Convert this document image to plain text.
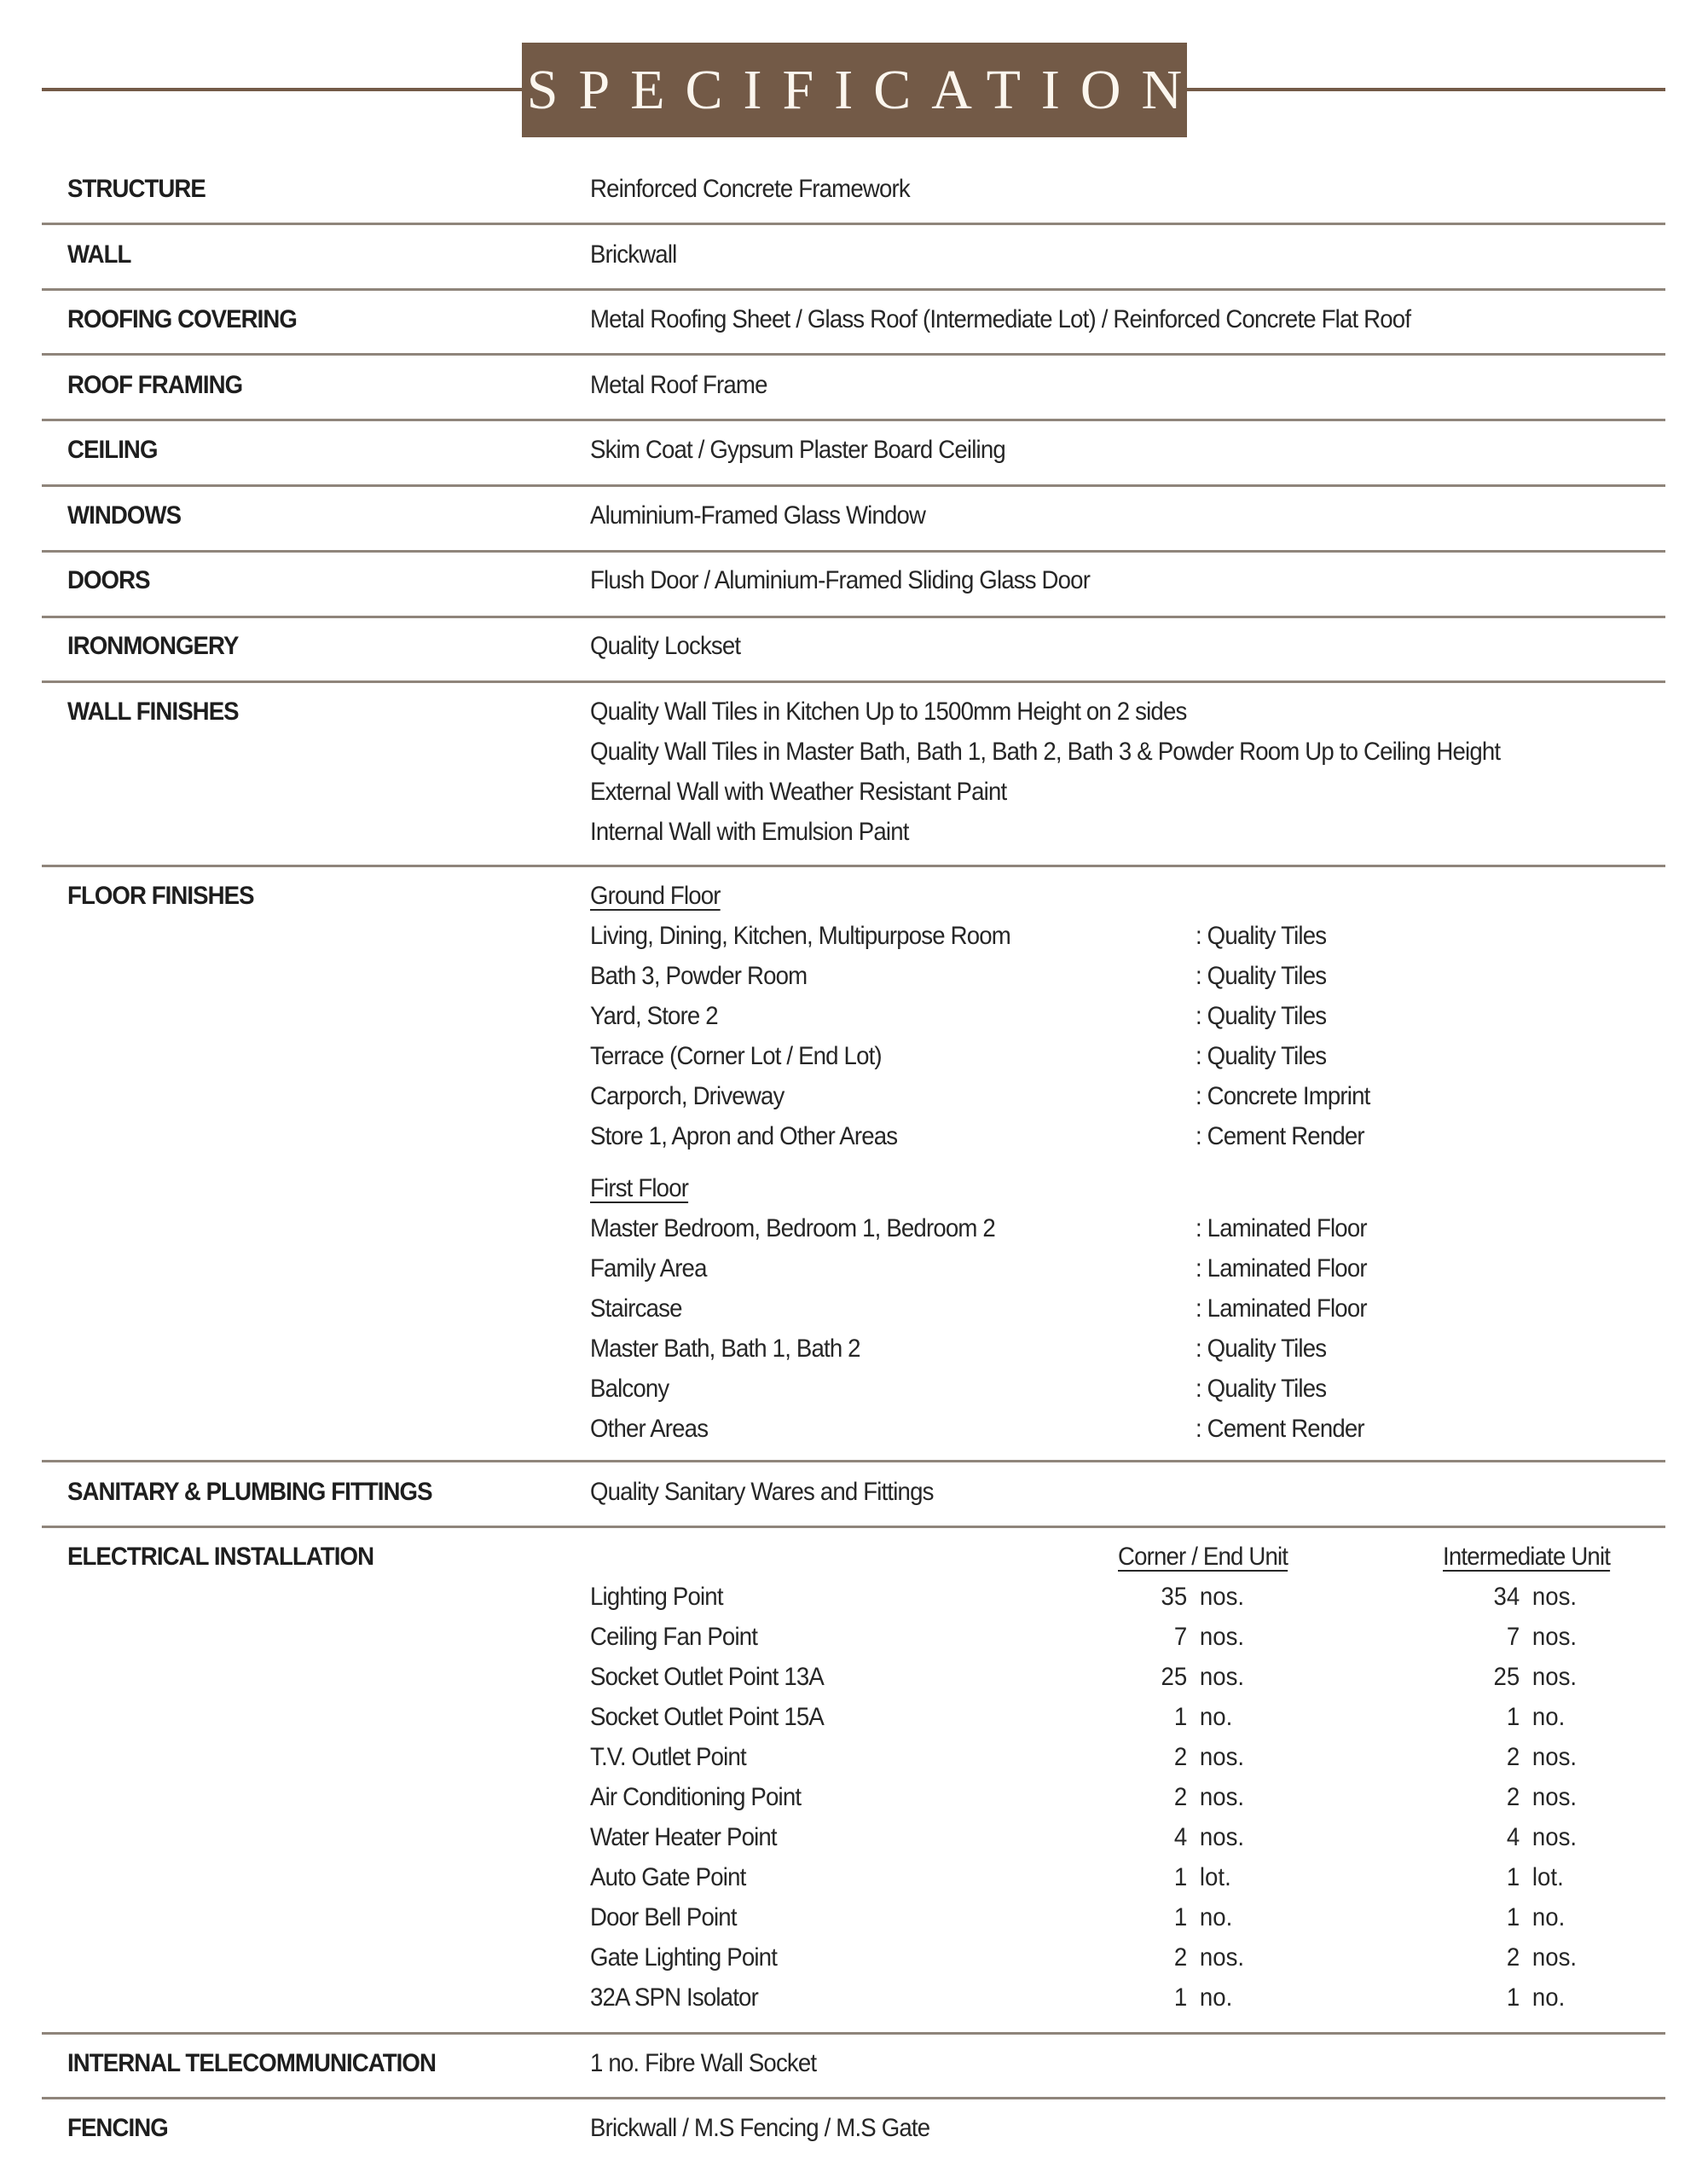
SPECIFICATION
STRUCTURE	Reinforced Concrete Framework
WALL	Brickwall
ROOFING COVERING	Metal Roofing Sheet / Glass Roof (Intermediate Lot) / Reinforced Concrete Flat Roof
ROOF FRAMING	Metal Roof Frame
CEILING	Skim Coat / Gypsum Plaster Board Ceiling
WINDOWS	Aluminium-Framed Glass Window
DOORS	Flush Door / Aluminium-Framed Sliding Glass Door
IRONMONGERY	Quality Lockset
WALL FINISHES	Quality Wall Tiles in Kitchen Up to 1500mm Height on 2 sides
Quality Wall Tiles in Master Bath, Bath 1, Bath 2, Bath 3 & Powder Room Up to Ceiling Height
External Wall with Weather Resistant Paint
Internal Wall with Emulsion Paint
FLOOR FINISHES	Ground Floor
Living, Dining, Kitchen, Multipurpose Room	: Quality Tiles
Bath 3, Powder Room	: Quality Tiles
Yard, Store 2	: Quality Tiles
Terrace (Corner Lot / End Lot)	: Quality Tiles
Carporch, Driveway	: Concrete Imprint
Store 1, Apron and Other Areas	: Cement Render
First Floor
Master Bedroom, Bedroom 1, Bedroom 2	: Laminated Floor
Family Area	: Laminated Floor
Staircase	: Laminated Floor
Master Bath, Bath 1, Bath 2	: Quality Tiles
Balcony	: Quality Tiles
Other Areas	: Cement Render
SANITARY & PLUMBING FITTINGS	Quality Sanitary Wares and Fittings
ELECTRICAL INSTALLATION	Corner / End Unit	Intermediate Unit
Lighting Point	35 nos.	34 nos.
Ceiling Fan Point	7 nos.	7 nos.
Socket Outlet Point 13A	25 nos.	25 nos.
Socket Outlet Point 15A	1 no.	1 no.
T.V. Outlet Point	2 nos.	2 nos.
Air Conditioning Point	2 nos.	2 nos.
Water Heater Point	4 nos.	4 nos.
Auto Gate Point	1 lot.	1 lot.
Door Bell Point	1 no.	1 no.
Gate Lighting Point	2 nos.	2 nos.
32A SPN Isolator	1 no.	1 no.
INTERNAL TELECOMMUNICATION	1 no. Fibre Wall Socket
FENCING	Brickwall / M.S Fencing / M.S Gate
